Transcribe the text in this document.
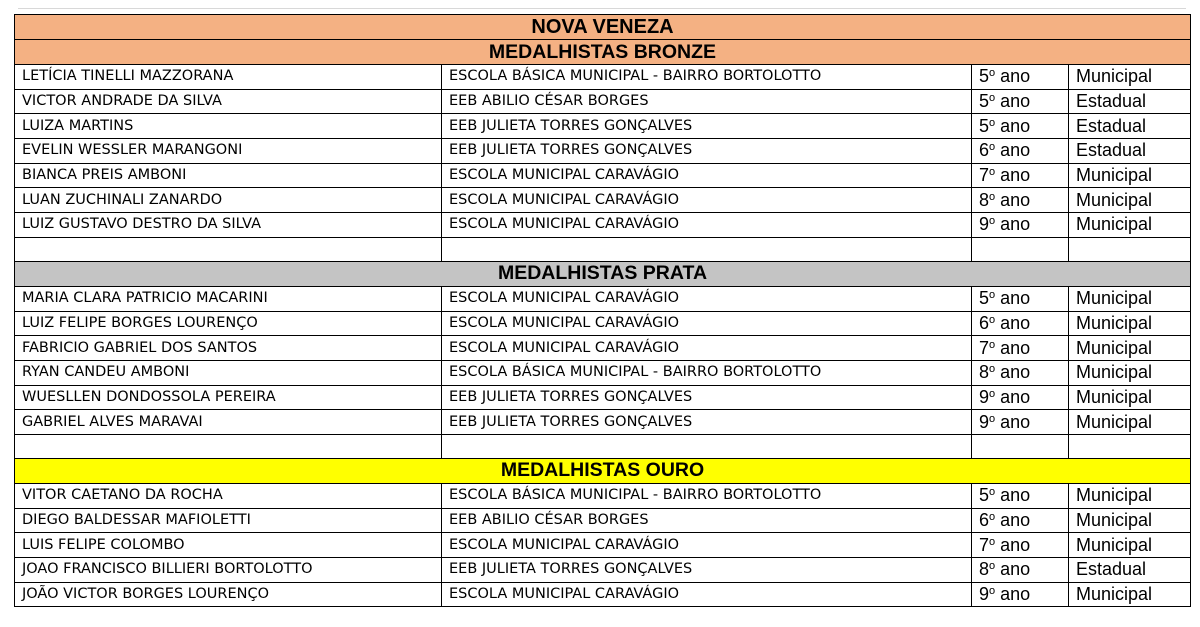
NOVA VENEZA			
MEDALHISTAS BRONZE			
LETÍCIA TINELLI MAZZORANA	ESCOLA BÁSICA MUNICIPAL - BAIRRO BORTOLOTTO	5$^o$ ano	Municipal
VICTOR ANDRADE DA SILVA	EEB ABILIO CÉSAR BORGES	5$^o$ ano	Estadual
LUIZA MARTINS	EEB JULIETA TORRES GONÇALVES	5$^o$ ano	Estadual
EVELIN WESSLER MARANGONI	EEB JULIETA TORRES GONÇALVES	6$^o$ ano	Estadual
BIANCA PREIS AMBONI	ESCOLA MUNICIPAL CARAVÁGIO	7$^o$ ano	Municipal
LUAN ZUCHINALI ZANARDO	ESCOLA MUNICIPAL CARAVÁGIO	8$^o$ ano	Municipal
LUIZ GUSTAVO DESTRO DA SILVA	ESCOLA MUNICIPAL CARAVÁGIO	9$^o$ ano	Municipal

MEDALHISTAS PRATA			
MARIA CLARA PATRICIO MACARINI	ESCOLA MUNICIPAL CARAVÁGIO	5$^o$ ano	Municipal
LUIZ FELIPE BORGES LOURENÇO	ESCOLA MUNICIPAL CARAVÁGIO	6$^o$ ano	Municipal
FABRICIO GABRIEL DOS SANTOS	ESCOLA MUNICIPAL CARAVÁGIO	7$^o$ ano	Municipal
RYAN CANDEU AMBONI	ESCOLA BÁSICA MUNICIPAL - BAIRRO BORTOLOTTO	8$^o$ ano	Municipal
WUESLLEN DONDOSSOLA PEREIRA	EEB JULIETA TORRES GONÇALVES	9$^o$ ano	Municipal
GABRIEL ALVES MARAVAI	EEB JULIETA TORRES GONÇALVES	9$^o$ ano	Municipal

MEDALHISTAS OURO			
VITOR CAETANO DA ROCHA	ESCOLA BÁSICA MUNICIPAL - BAIRRO BORTOLOTTO	5$^o$ ano	Municipal
DIEGO BALDESSAR MAFIOLETTI	EEB ABILIO CÉSAR BORGES	6$^o$ ano	Municipal
LUIS FELIPE COLOMBO	ESCOLA MUNICIPAL CARAVÁGIO	7$^o$ ano	Municipal
JOAO FRANCISCO BILLIERI BORTOLOTTO	EEB JULIETA TORRES GONÇALVES	8$^o$ ano	Estadual
JOÃO VICTOR BORGES LOURENÇO	ESCOLA MUNICIPAL CARAVÁGIO	9$^o$ ano	Municipal
